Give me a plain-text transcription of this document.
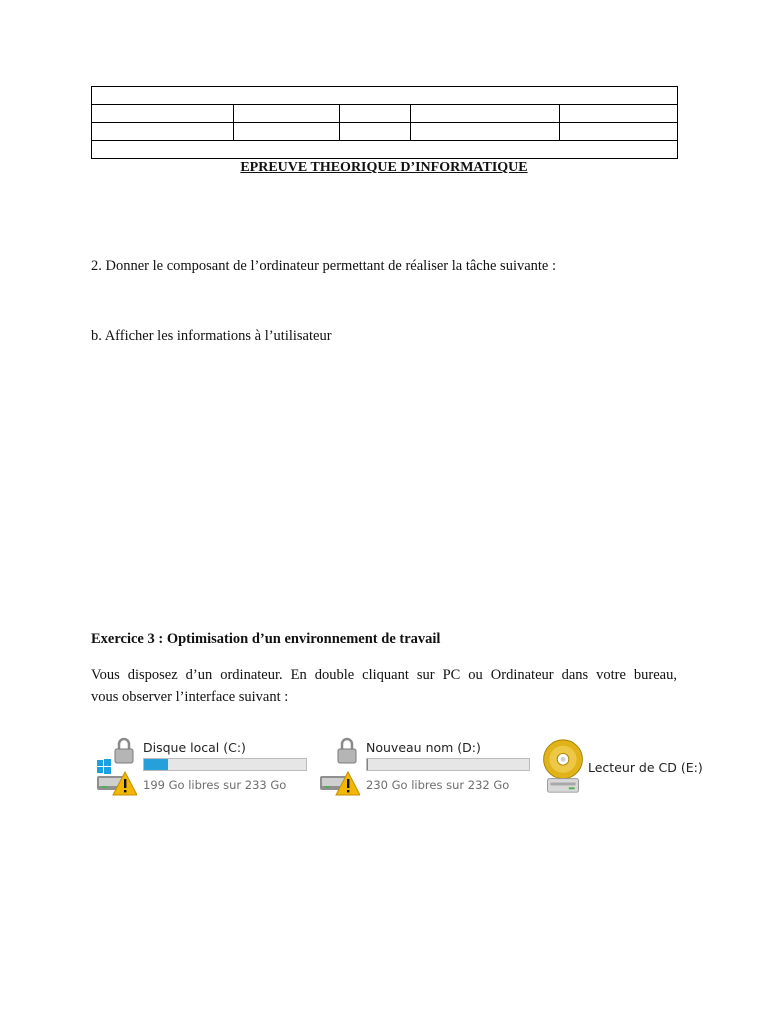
EPREUVE THEORIQUE D’INFORMATIQUE
2. Donner le composant de l’ordinateur permettant de réaliser la tâche suivante :
b. Afficher les informations à l’utilisateur
Exercice 3 : Optimisation d’un environnement de travail

Vous disposez d’un ordinateur. En double cliquant sur PC ou Ordinateur dans votre bureau,

vous observer l’interface suivant :

Disque local (C:)
199 Go libres sur 233 Go
Nouveau nom (D:)
230 Go libres sur 232 Go
Lecteur de CD (E:)
